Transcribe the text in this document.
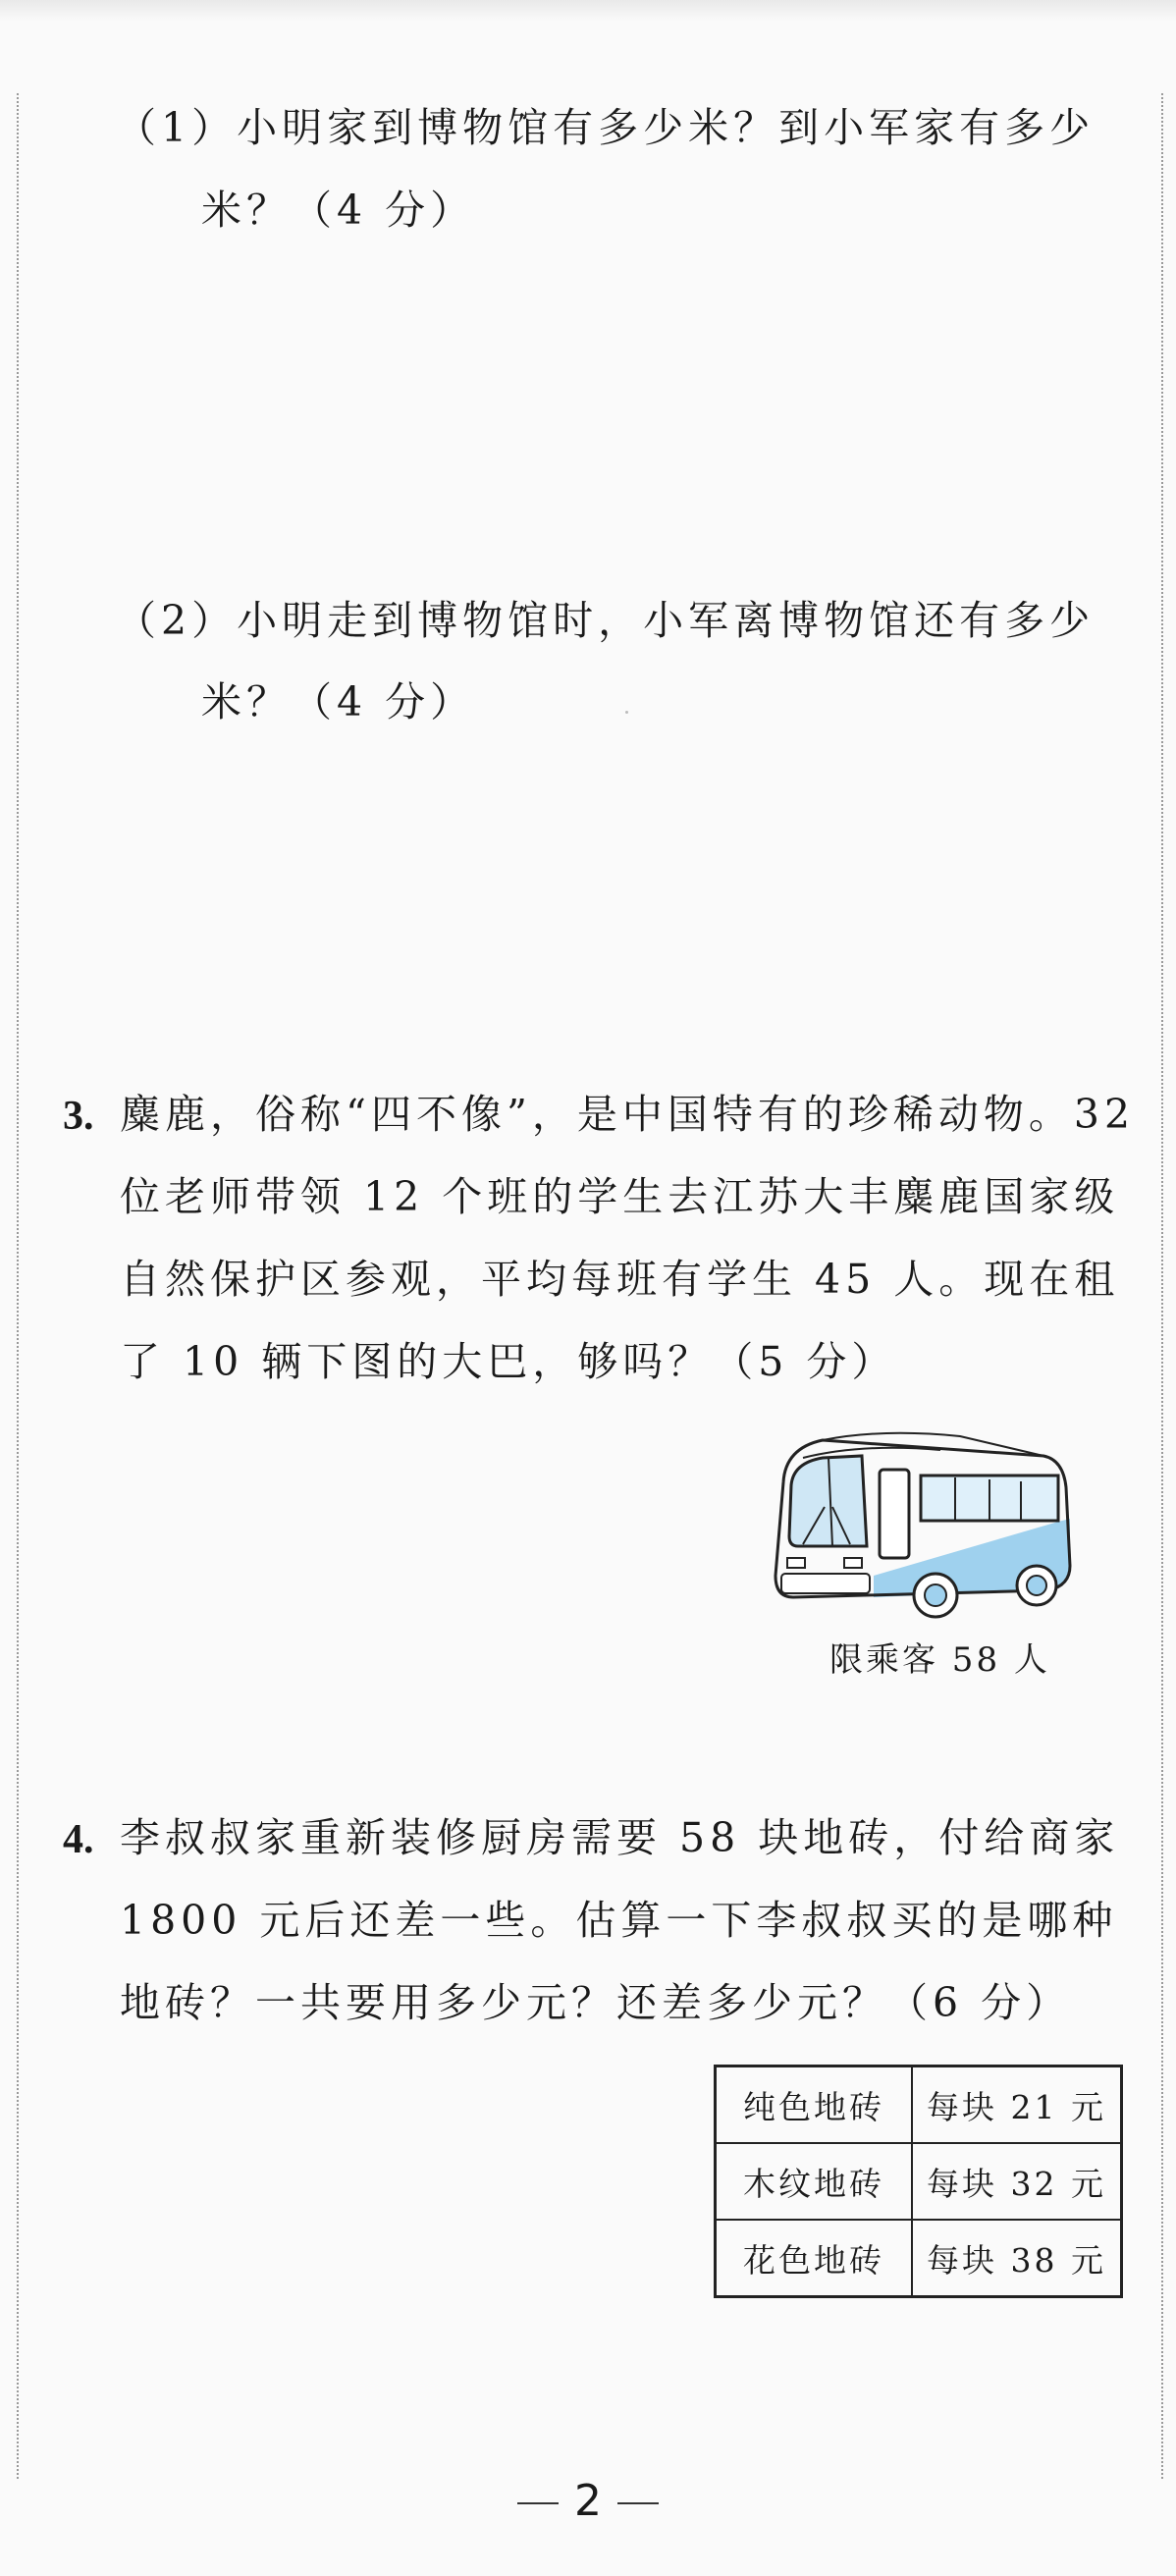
（1）小明家到博物馆有多少米？到小军家有多少
米？（4 分）
（2）小明走到博物馆时，小军离博物馆还有多少
米？（4 分）
3. 麋鹿，俗称“四不像”，是中国特有的珍稀动物。32
位老师带领 12 个班的学生去江苏大丰麋鹿国家级
自然保护区参观，平均每班有学生 45 人。现在租
了 10 辆下图的大巴，够吗？（5 分）
限乘客 58 人
4. 李叔叔家重新装修厨房需要 58 块地砖，付给商家
1800 元后还差一些。估算一下李叔叔买的是哪种
地砖？一共要用多少元？还差多少元？（6 分）
纯色地砖	每块 21 元
木纹地砖	每块 32 元
花色地砖	每块 38 元
2
